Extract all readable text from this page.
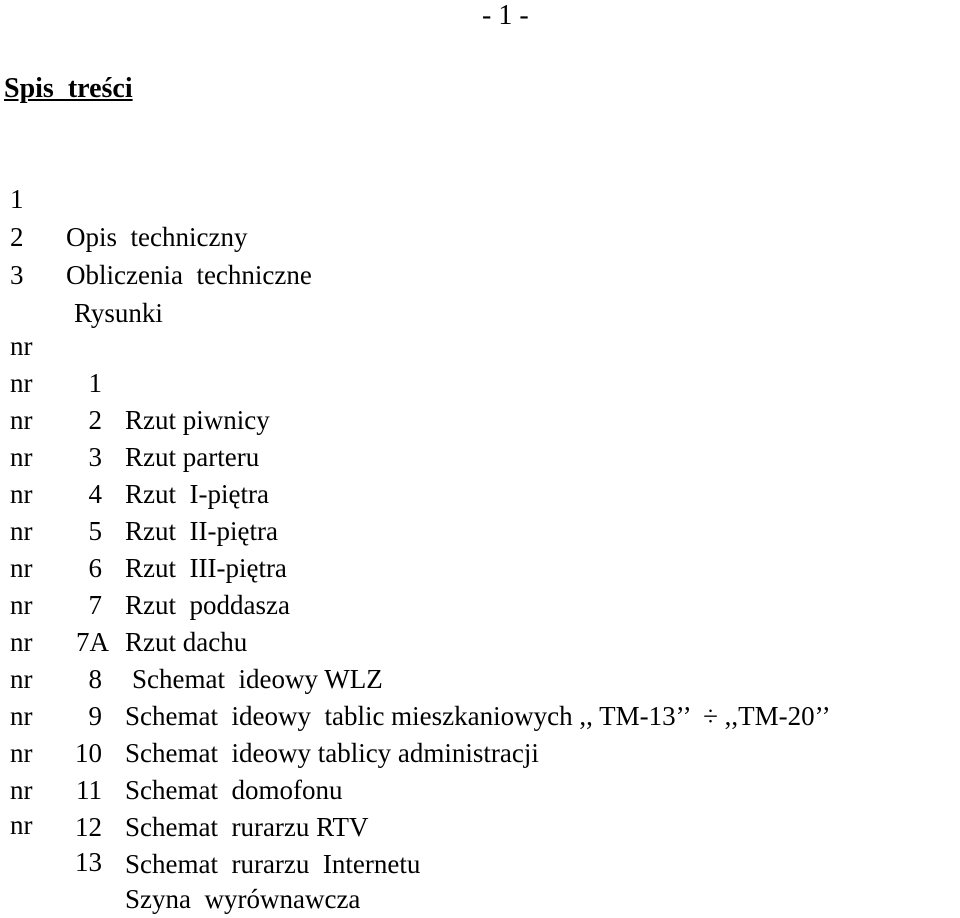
- 1 -
Spis  treści

1

Opis  techniczny

2

Obliczenia  techniczne

3

Rysunki

nr

1

Rzut piwnicy

nr

2

Rzut parteru

nr

3

Rzut  I-piętra

nr

4

Rzut  II-piętra

nr

5

Rzut  III-piętra

nr

6

Rzut  poddasza

nr

7

Rzut dachu

nr

7A

Schemat  ideowy WLZ

nr

8

Schemat  ideowy  tablic mieszkaniowych ,, TM-13’’  ÷ ,,TM-20’’

nr

9

Schemat  ideowy tablicy administracji

nr

10

Schemat  domofonu

nr

11

Schemat  rurarzu RTV

nr

12

Schemat  rurarzu  Internetu

nr

13

Szyna  wyrównawcza
